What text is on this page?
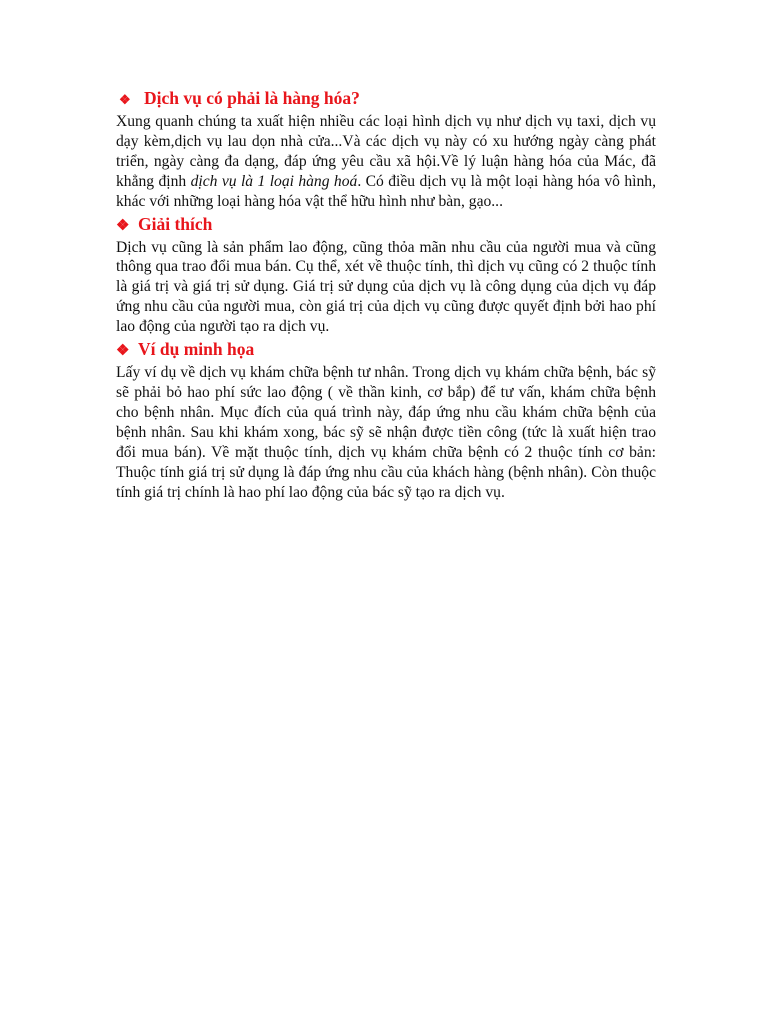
❖ Dịch vụ có phải là hàng hóa?

Xung quanh chúng ta xuất hiện nhiều các loại hình dịch vụ như dịch vụ taxi, dịch vụ dạy kèm,dịch vụ lau dọn nhà cửa...Và các dịch vụ này có xu hướng ngày càng phát triển, ngày càng đa dạng, đáp ứng yêu cầu xã hội.Về lý luận hàng hóa của Mác, đã khẳng định dịch vụ là 1 loại hàng hoá. Có điều dịch vụ là một loại hàng hóa vô hình, khác với những loại hàng hóa vật thể hữu hình như bàn, gạo...

❖ Giải thích

Dịch vụ cũng là sản phẩm lao động, cũng thỏa mãn nhu cầu của người mua và cũng thông qua trao đổi mua bán. Cụ thể, xét về thuộc tính, thì dịch vụ cũng có 2 thuộc tính là giá trị và giá trị sử dụng. Giá trị sử dụng của dịch vụ là công dụng của dịch vụ đáp ứng nhu cầu của người mua, còn giá trị của dịch vụ cũng được quyết định bởi hao phí lao động của người tạo ra dịch vụ.

❖ Ví dụ minh họa

Lấy ví dụ về dịch vụ khám chữa bệnh tư nhân. Trong dịch vụ khám chữa bệnh, bác sỹ sẽ phải bỏ hao phí sức lao động ( về thần kinh, cơ bắp) để tư vấn, khám chữa bệnh cho bệnh nhân. Mục đích của quá trình này, đáp ứng nhu cầu khám chữa bệnh của bệnh nhân. Sau khi khám xong, bác sỹ sẽ nhận được tiền công (tức là xuất hiện trao đổi mua bán). Về mặt thuộc tính, dịch vụ khám chữa bệnh có 2 thuộc tính cơ bản: Thuộc tính giá trị sử dụng là đáp ứng nhu cầu của khách hàng (bệnh nhân). Còn thuộc tính giá trị chính là hao phí lao động của bác sỹ tạo ra dịch vụ.
